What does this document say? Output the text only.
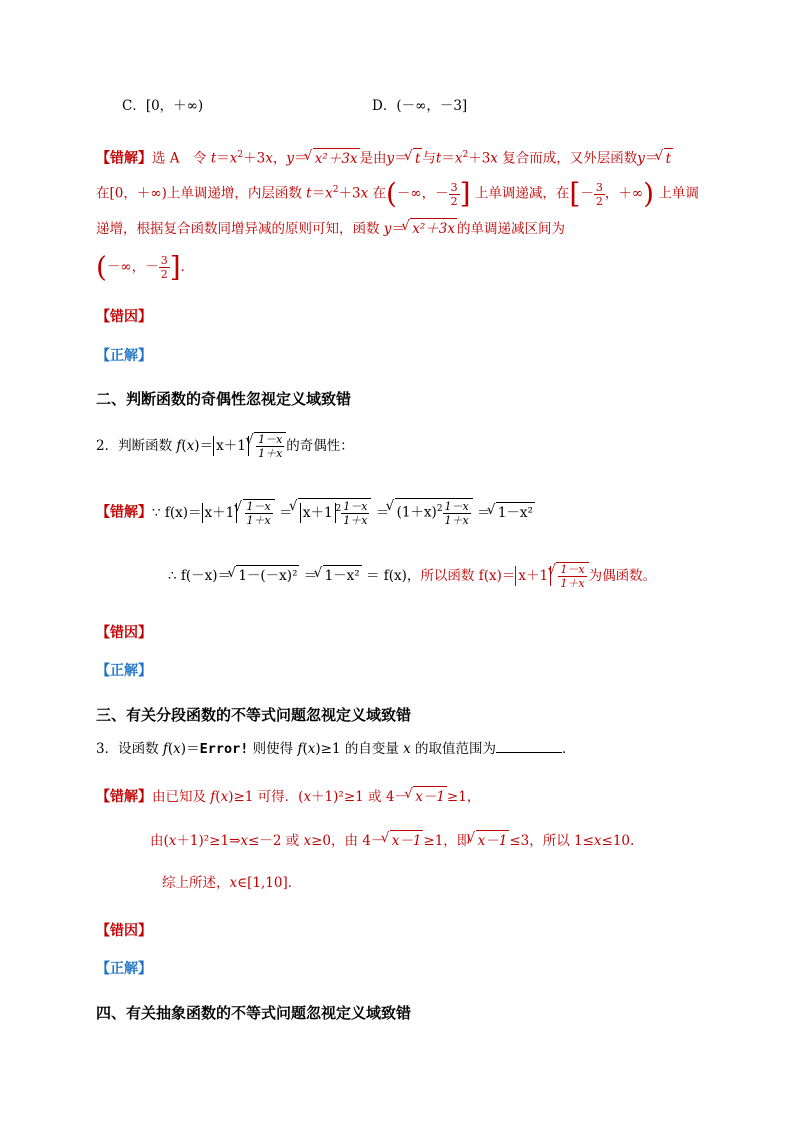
C．[0，＋∞)	D．(－∞，－3]
【错解】选 A　令 $t=x^2+3x$，y＝ √ x²＋3x 是由y＝ √ t 与$t=x^2+3x$ 复合而成，又外层函数y＝ √ t
在[0，＋∞)上单调递增，内层函数 $t=x^2+3x$ 在(－∞，－ $\frac{3}{2}$ ] 上单调递减，在[－ $\frac{3}{2}$ ，＋∞) 上单调
递增，根据复合函数同增异减的原则可知，函数 y＝ √ x²＋3x 的单调递减区间为
(－∞，－ $\frac{3}{2}$ ]．
【错因】
【正解】
二、判断函数的奇偶性忽视定义域致错
2．判断函数 f(x)＝ x＋1 √ $\frac{1-x}{1+x}$ 的奇偶性：
【错解】∵ f(x)＝ x＋1 √ $\frac{1-x}{1+x}$ ＝ √ x＋1 $^2 \frac{1-x}{1+x}$ ＝ √ $(1+x)^2 \frac{1-x}{1+x}$ ＝ √ 1－x²
∴ f(－x)＝ √ 1－(－x)² ＝ √ 1－x² ＝ f(x)，所以函数 f(x)＝ x＋1 √ $\frac{1-x}{1+x}$ 为偶函数。
【错因】
【正解】
三、有关分段函数的不等式问题忽视定义域致错
3．设函数 f(x)＝Error! 则使得 f(x)≥1 的自变量 x 的取值范围为	．
【错解】由已知及 f(x)≥1 可得．(x＋1)²≥1 或 4－ √ x－1 ≥1，
由(x＋1)²≥1⇒x≤－2 或 x≥0，由 4－ √ x－1 ≥1，即 √ x－1 ≤3，所以 1≤x≤10.
综上所述，x∈[1,10]．
【错因】
【正解】
四、有关抽象函数的不等式问题忽视定义域致错
